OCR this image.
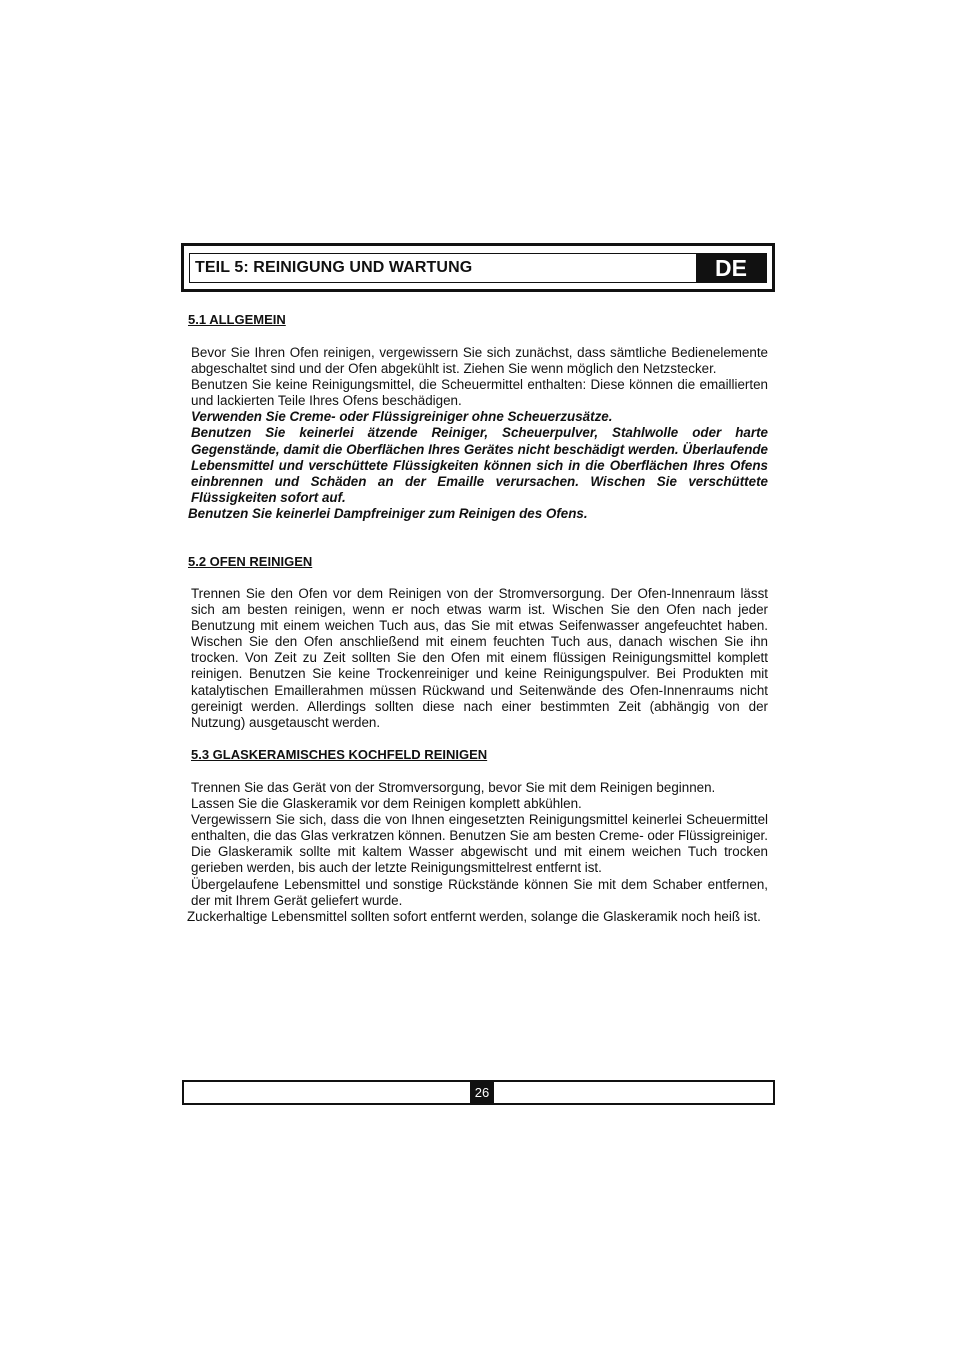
TEIL 5: REINIGUNG UND WARTUNG	DE
5.1 ALLGEMEIN

Bevor Sie Ihren Ofen reinigen, vergewissern Sie sich zunächst, dass sämtliche Bedienelemente abgeschaltet sind und der Ofen abgekühlt ist. Ziehen Sie wenn möglich den Netzstecker.

Benutzen Sie keine Reinigungsmittel, die Scheuermittel enthalten: Diese können die emaillierten und lackierten Teile Ihres Ofens beschädigen.

Verwenden Sie Creme- oder Flüssigreiniger ohne Scheuerzusätze.

Benutzen Sie keinerlei ätzende Reiniger, Scheuerpulver, Stahlwolle oder harte Gegenstände, damit die Oberflächen Ihres Gerätes nicht beschädigt werden. Überlaufende Lebensmittel und verschüttete Flüssigkeiten können sich in die Oberflächen Ihres Ofens einbrennen und Schäden an der Emaille verursachen. Wischen Sie verschüttete Flüssigkeiten sofort auf.

Benutzen Sie keinerlei Dampfreiniger zum Reinigen des Ofens.

5.2 OFEN REINIGEN

Trennen Sie den Ofen vor dem Reinigen von der Stromversorgung. Der Ofen-Innenraum lässt sich am besten reinigen, wenn er noch etwas warm ist. Wischen Sie den Ofen nach jeder Benutzung mit einem weichen Tuch aus, das Sie mit etwas Seifenwasser angefeuchtet haben. Wischen Sie den Ofen anschließend mit einem feuchten Tuch aus, danach wischen Sie ihn trocken. Von Zeit zu Zeit sollten Sie den Ofen mit einem flüssigen Reinigungsmittel komplett reinigen. Benutzen Sie keine Trockenreiniger und keine Reinigungspulver. Bei Produkten mit katalytischen Emaillerahmen müssen Rückwand und Seitenwände des Ofen-Innenraums nicht gereinigt werden. Allerdings sollten diese nach einer bestimmten Zeit (abhängig von der Nutzung) ausgetauscht werden.

5.3 GLASKERAMISCHES KOCHFELD REINIGEN

Trennen Sie das Gerät von der Stromversorgung, bevor Sie mit dem Reinigen beginnen.

Lassen Sie die Glaskeramik vor dem Reinigen komplett abkühlen.

Vergewissern Sie sich, dass die von Ihnen eingesetzten Reinigungsmittel keinerlei Scheuermittel enthalten, die das Glas verkratzen können. Benutzen Sie am besten Creme- oder Flüssigreiniger. Die Glaskeramik sollte mit kaltem Wasser abgewischt und mit einem weichen Tuch trocken gerieben werden, bis auch der letzte Reinigungsmittelrest entfernt ist.

Übergelaufene Lebensmittel und sonstige Rückstände können Sie mit dem Schaber entfernen, der mit Ihrem Gerät geliefert wurde.

Zuckerhaltige Lebensmittel sollten sofort entfernt werden, solange die Glaskeramik noch heiß ist.

26
